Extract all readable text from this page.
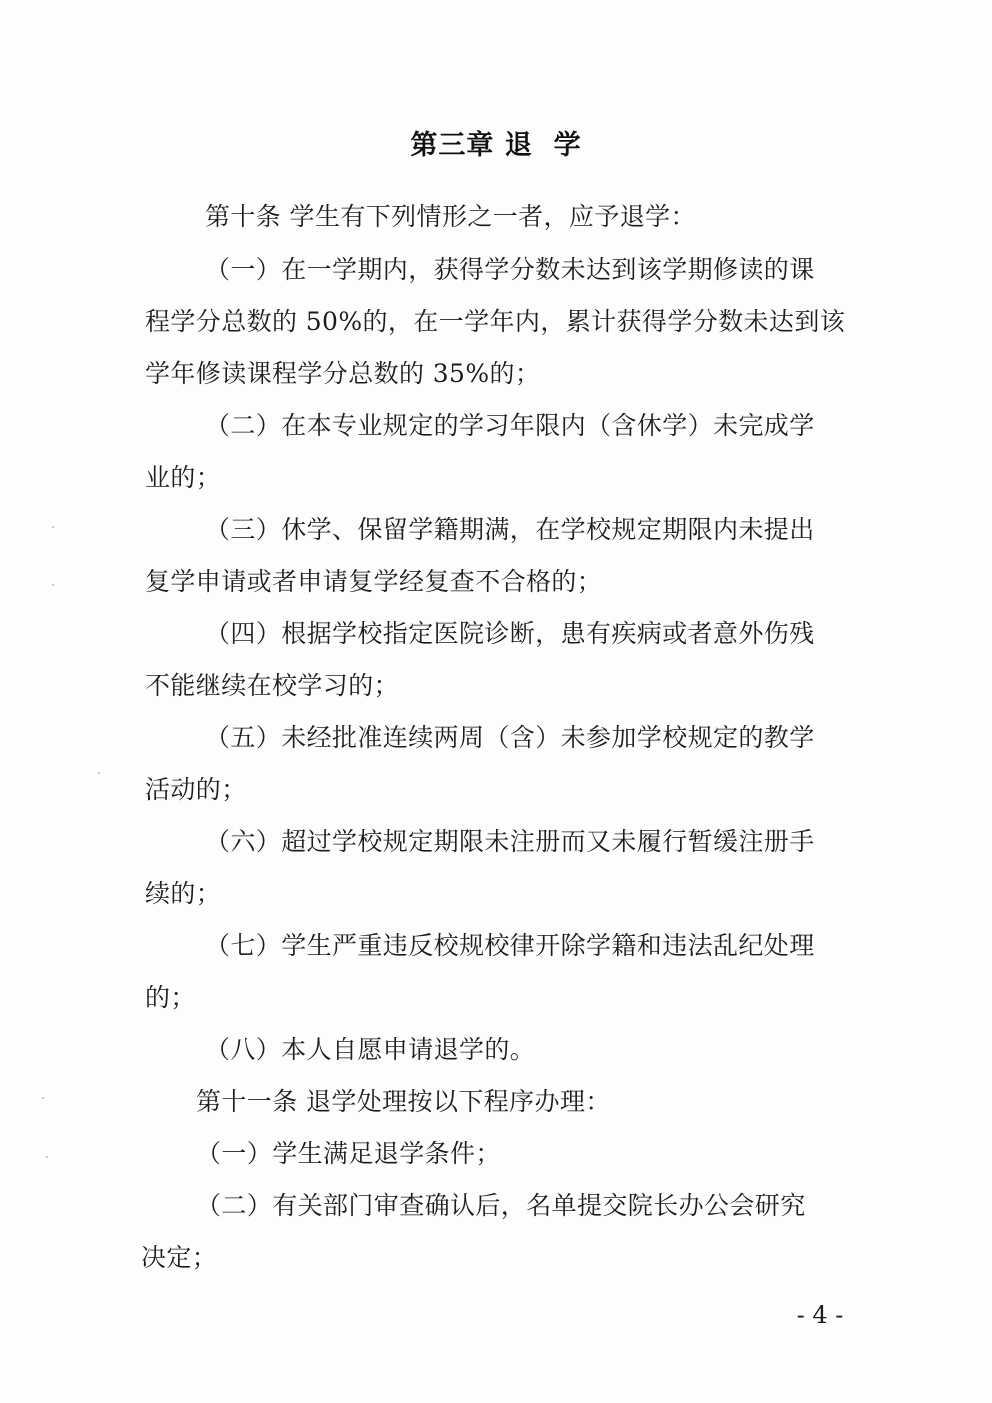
第三章 退  学
第十条 学生有下列情形之一者，应予退学：
（一）在一学期内，获得学分数未达到该学期修读的课
程学分总数的 50%的，在一学年内，累计获得学分数未达到该
学年修读课程学分总数的 35%的；
（二）在本专业规定的学习年限内（含休学）未完成学
业的；
（三）休学、保留学籍期满，在学校规定期限内未提出
复学申请或者申请复学经复查不合格的；
（四）根据学校指定医院诊断，患有疾病或者意外伤残
不能继续在校学习的；
（五）未经批准连续两周（含）未参加学校规定的教学
活动的；
（六）超过学校规定期限未注册而又未履行暂缓注册手
续的；
（七）学生严重违反校规校律开除学籍和违法乱纪处理
的；
（八）本人自愿申请退学的。
第十一条 退学处理按以下程序办理：
（一）学生满足退学条件；
（二）有关部门审查确认后，名单提交院长办公会研究
决定；
- 4 -
